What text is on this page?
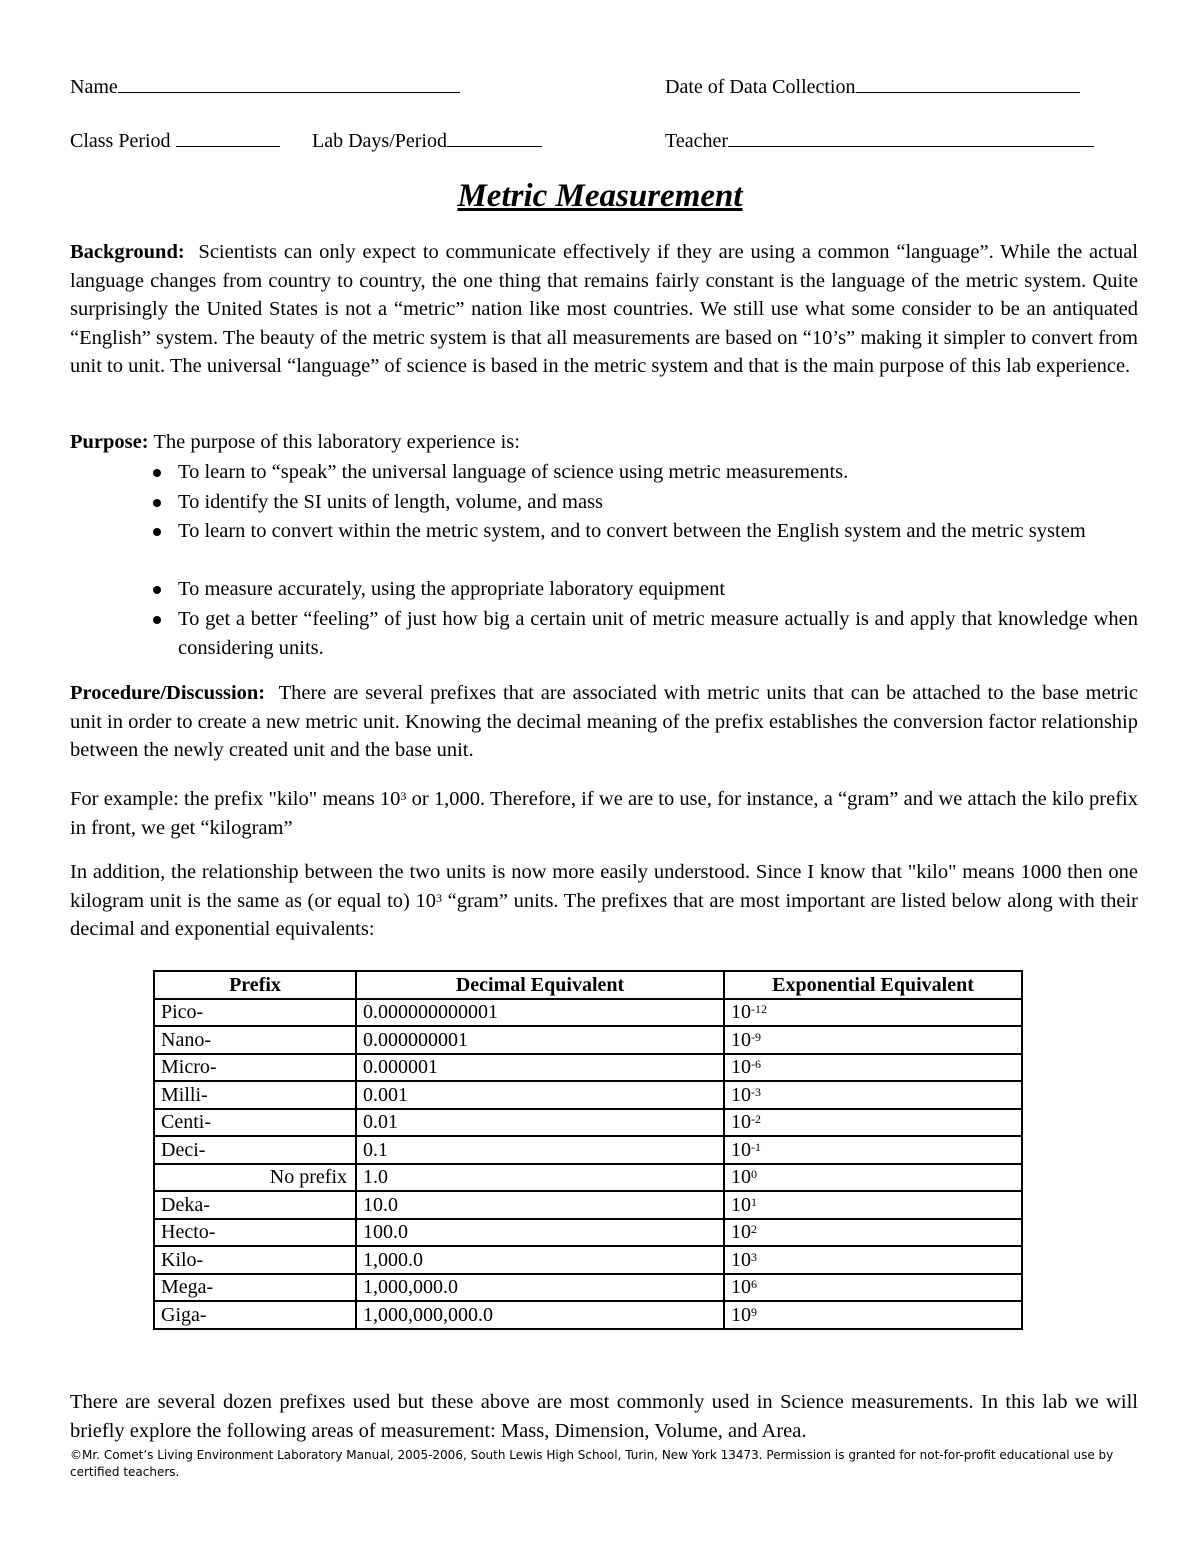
Name	Date of Data Collection
Class Period	Lab Days/Period	Teacher
Metric Measurement
Background: Scientists can only expect to communicate effectively if they are using a common “language”. While the actual language changes from country to country, the one thing that remains fairly constant is the language of the metric system. Quite surprisingly the United States is not a “metric” nation like most countries. We still use what some consider to be an antiquated “English” system. The beauty of the metric system is that all measurements are based on “10’s” making it simpler to convert from unit to unit. The universal “language” of science is based in the metric system and that is the main purpose of this lab experience.
Purpose: The purpose of this laboratory experience is:
To learn to “speak” the universal language of science using metric measurements.
To identify the SI units of length, volume, and mass
To learn to convert within the metric system, and to convert between the English system and the metric system
To measure accurately, using the appropriate laboratory equipment
To get a better “feeling” of just how big a certain unit of metric measure actually is and apply that knowledge when considering units.
Procedure/Discussion: There are several prefixes that are associated with metric units that can be attached to the base metric unit in order to create a new metric unit. Knowing the decimal meaning of the prefix establishes the conversion factor relationship between the newly created unit and the base unit.
For example: the prefix "kilo" means $10^3$ or 1,000. Therefore, if we are to use, for instance, a “gram” and we attach the kilo prefix in front, we get “kilogram”
In addition, the relationship between the two units is now more easily understood. Since I know that "kilo" means 1000 then one kilogram unit is the same as (or equal to) $10^3$ “gram” units. The prefixes that are most important are listed below along with their decimal and exponential equivalents:
Prefix	Decimal Equivalent	Exponential Equivalent
Pico-	0.000000000001	$10^{-12}$
Nano-	0.000000001	$10^{-9}$
Micro-	0.000001	$10^{-6}$
Milli-	0.001	$10^{-3}$
Centi-	0.01	$10^{-2}$
Deci-	0.1	$10^{-1}$
No prefix	1.0	$10^0$
Deka-	10.0	$10^1$
Hecto-	100.0	$10^2$
Kilo-	1,000.0	$10^3$
Mega-	1,000,000.0	$10^6$
Giga-	1,000,000,000.0	$10^9$
There are several dozen prefixes used but these above are most commonly used in Science measurements. In this lab we will briefly explore the following areas of measurement: Mass, Dimension, Volume, and Area.
©Mr. Comet’s Living Environment Laboratory Manual, 2005-2006, South Lewis High School, Turin, New York 13473. Permission is granted for not-for-profit educational use by certified teachers.
